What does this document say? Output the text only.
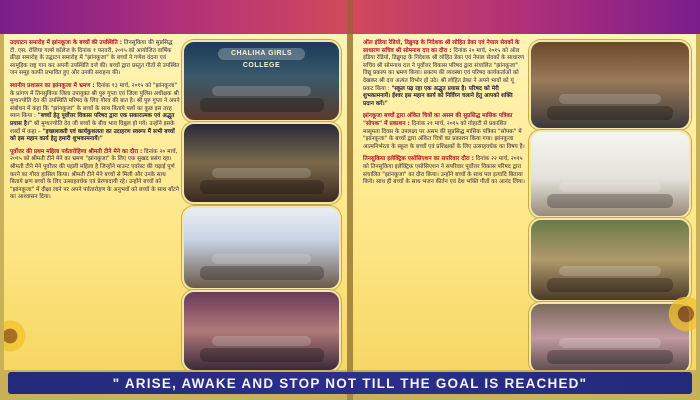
उदघाटन समारोह में झांनकूजा के बच्चों की उपस्थिति : तिनसुकिया की सुप्रसिद्ध टी. एस. रोलिया गर्ल्स कॉलेज के दिनांक १ फरवरी, २०१५ को आयोजित वार्षिक क्रीड़ा समारोह के उद्घाटन समारोह में "झांनकूजा" के बच्चों ने गणेश वंदना एवं सामूहिक राष्ट्र गान कर अपनी उपस्थिति दर्ज की। बच्चों द्वारा प्रस्तुत गीतों से उपस्थित जन समूह काफी प्रभावित हुए और उनकी सराहना की।

स्थानीय प्रशासन का झांनकूजा में भ्रमण : दिनांक १३ मार्च, २०१५ को "झांनकूजा" के प्रांगण में तिनसुकिया जिला उपायुक्त श्री पुरु गुप्ता एवं जिला पुलिस अधीक्षक श्री मुग्धज्योति देव की उपस्थिति परिषद के लिए गौरव की बात है। श्री पुरु गुप्ता ने अपने संबोधन में कहा कि "झांनकूजा" के बच्चों के साथ बिताये पलों का कुछ इस तरह ब्यान किया : "बच्चों हेतु पूर्वोत्तर विकास परिषद द्वारा एक सकारात्मक एवं अद्भुत प्रयास है।" श्री मुग्धज्योति देव जी बच्चों के बीच भाव विह्वल हो गये। उन्होंने इसके शब्दों में कहा – "इच्छाशक्ती एवं कार्यकुशलता का उदाहरण स्वरूप मैं सभी बच्चों को इस महान कार्य हेतु हमारी शुभकामनायें।"

पूर्वोत्तर की प्रथम महिला पर्वतारोहिणा श्रीमती टीने मेने का दौरा : दिनांक २० मार्च, २०१५ को श्रीमती टीने मेने का भ्रमण "झांनकूजा" के लिए एक सुखद प्रसंग रहा। श्रीमती टीने मेने पूर्वोत्तर की पहली महिला है जिन्होंने माउन्ट एवरेस्ट की चढ़ाई पूर्ण करने का गौरव हासिल किया। श्रीमती टीने मेने बच्चों से मिली और उनके साथ बिताये क्षण बच्चों के लिए उत्साहवर्धक एवं प्रेरणादायी रहे। उन्होंने बच्चों को "झांनकूजा" में दीक्षा लाने पर अपने पर्वतारोहण के अनुभवों को बच्चों के साथ बाँटने का आश्वासन दिया।

CHALIHA GIRLS COLLEGE

ऑल इंडिया रेडियो, डिब्रुगढ़ के निदेशक श्री लोहित डेका एवं नेपाल सेवकों के साधारण सचिव श्री सोमनाथ दत्त का दौरा : दिनांक २० मार्च, २०१५ को ऑल इंडिया रेडियो, डिब्रुगढ़ के निदेशक श्री लोहित डेका एवं नेपाल सेवकों के साधारण सचिव श्री सोमनाथ दत्त ने पूर्वोत्तर विकास परिषद द्वारा संचालित "झांनकूजा" विद्यु प्रकल्प का भ्रमण किया। प्रकल्प की व्यवस्था एवं परिषद कार्यकर्ताओं को देखकर श्री दत्त अत्यंत विभोर हो उठे। श्री लोहित डेका ने अपने भावों को यूं प्रकट किया : "स्कूल पढ़ रहा एक अद्भुत प्रयास है। परिषद को मेरी शुभकामनायें। ईश्वर इस महान कार्य को निर्विघ्न चलाने हेतु आपको शक्ति प्रदान करें।"

झांनकूजा बच्चों द्वारा अंकित चित्रों का असम की सुप्रसिद्ध मासिक पत्रिका "सोफ्क" में प्रकाशन : दिनांक २१ मार्च, २०१५ को गोहाटी से प्रकाशित मासूमता दिवस के उपलक्ष्य पर असम की सुप्रसिद्ध मासिक पत्रिका "सोफ्क" में "झांनकूजा" के बच्चों द्वारा अंकित चित्रों का प्रकाशन किया गया। झांनकूजा आत्मनिर्भरता के स्कूल के बच्चों एवं प्रशिक्षकों के लिए उत्साहवर्धक का विषय है।

तिनसुकिया इलेक्ट्रिक एसोसिएशन का सपरिवार दौरा : दिनांक २२ मार्च, २०१५ को तिनसुकिया इलेक्ट्रिक एसोसिएशन ने सपरिवार पूर्वोत्तर विकास परिषद द्वारा संचालित "झांनकूजा" का दौरा किया। उन्होंने बच्चों के साथ पल इत्यादि बिताया किये। साथ ही बच्चों के साथ भजन कीर्तन एवं देश भक्ति गीतों का आनंद लिया।

" ARISE, AWAKE AND STOP NOT TILL THE GOAL IS REACHED"
